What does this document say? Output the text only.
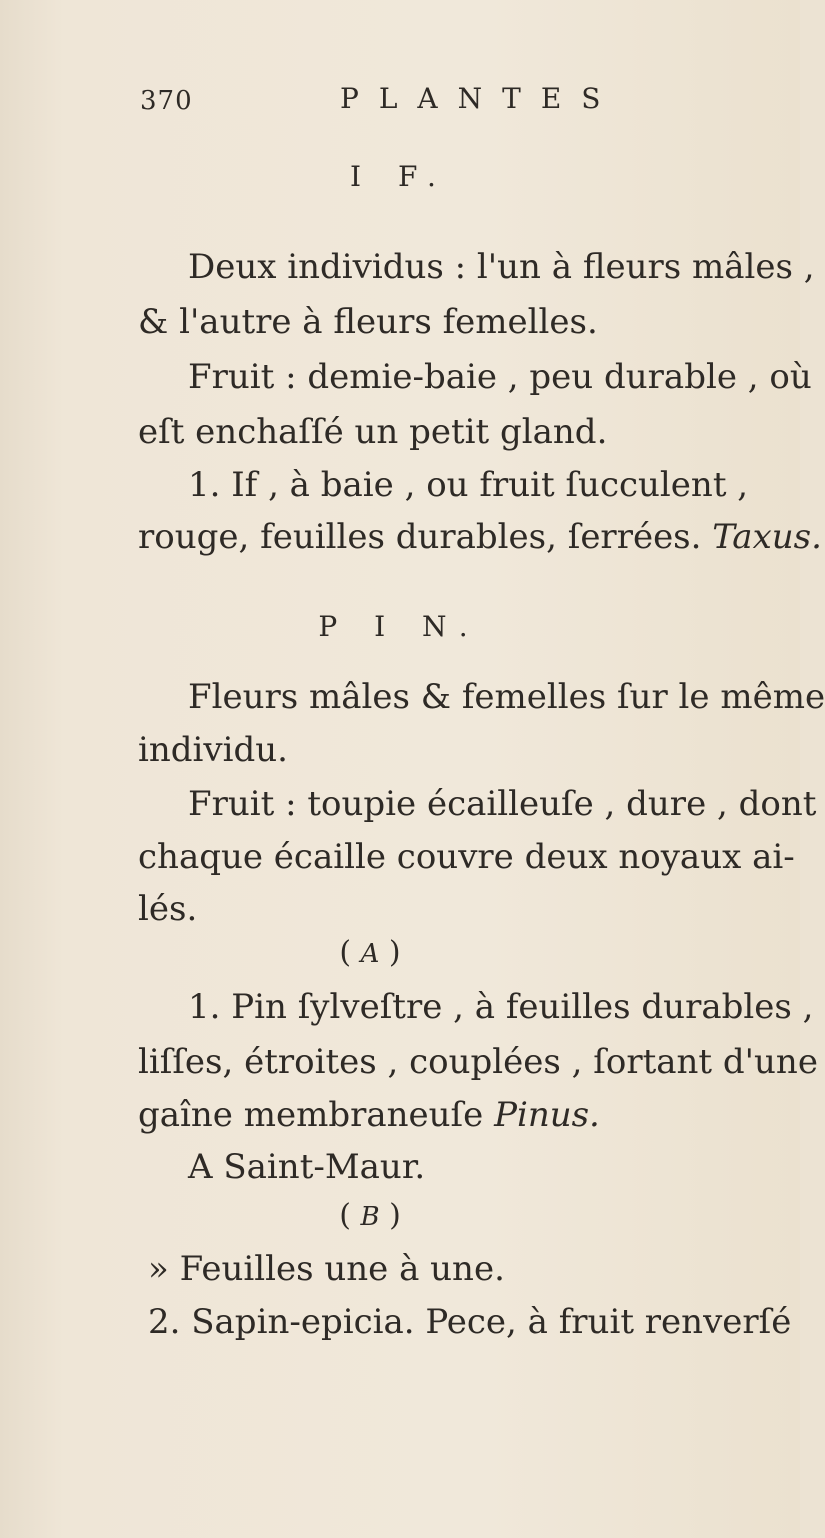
370	PLANTES
I F.
Deux individus : l'un à fleurs mâles ,
& l'autre à fleurs femelles.
Fruit : demie-baie , peu durable , où
eſt enchaſſé un petit gland.
1. If , à baie , ou fruit ſucculent ,
rouge, feuilles durables, ſerrées. Taxus.
P I N.
Fleurs mâles & femelles ſur le même
individu.
Fruit : toupie écailleuſe , dure , dont
chaque écaille couvre deux noyaux ai-
lés.
( A )
1. Pin ſylveſtre , à feuilles durables ,
liſſes, étroites , couplées , ſortant d'une
gaîne membraneuſe Pinus.
A Saint-Maur.
( B )
» Feuilles une à une.
2. Sapin-epicia. Pece, à fruit renverſé
